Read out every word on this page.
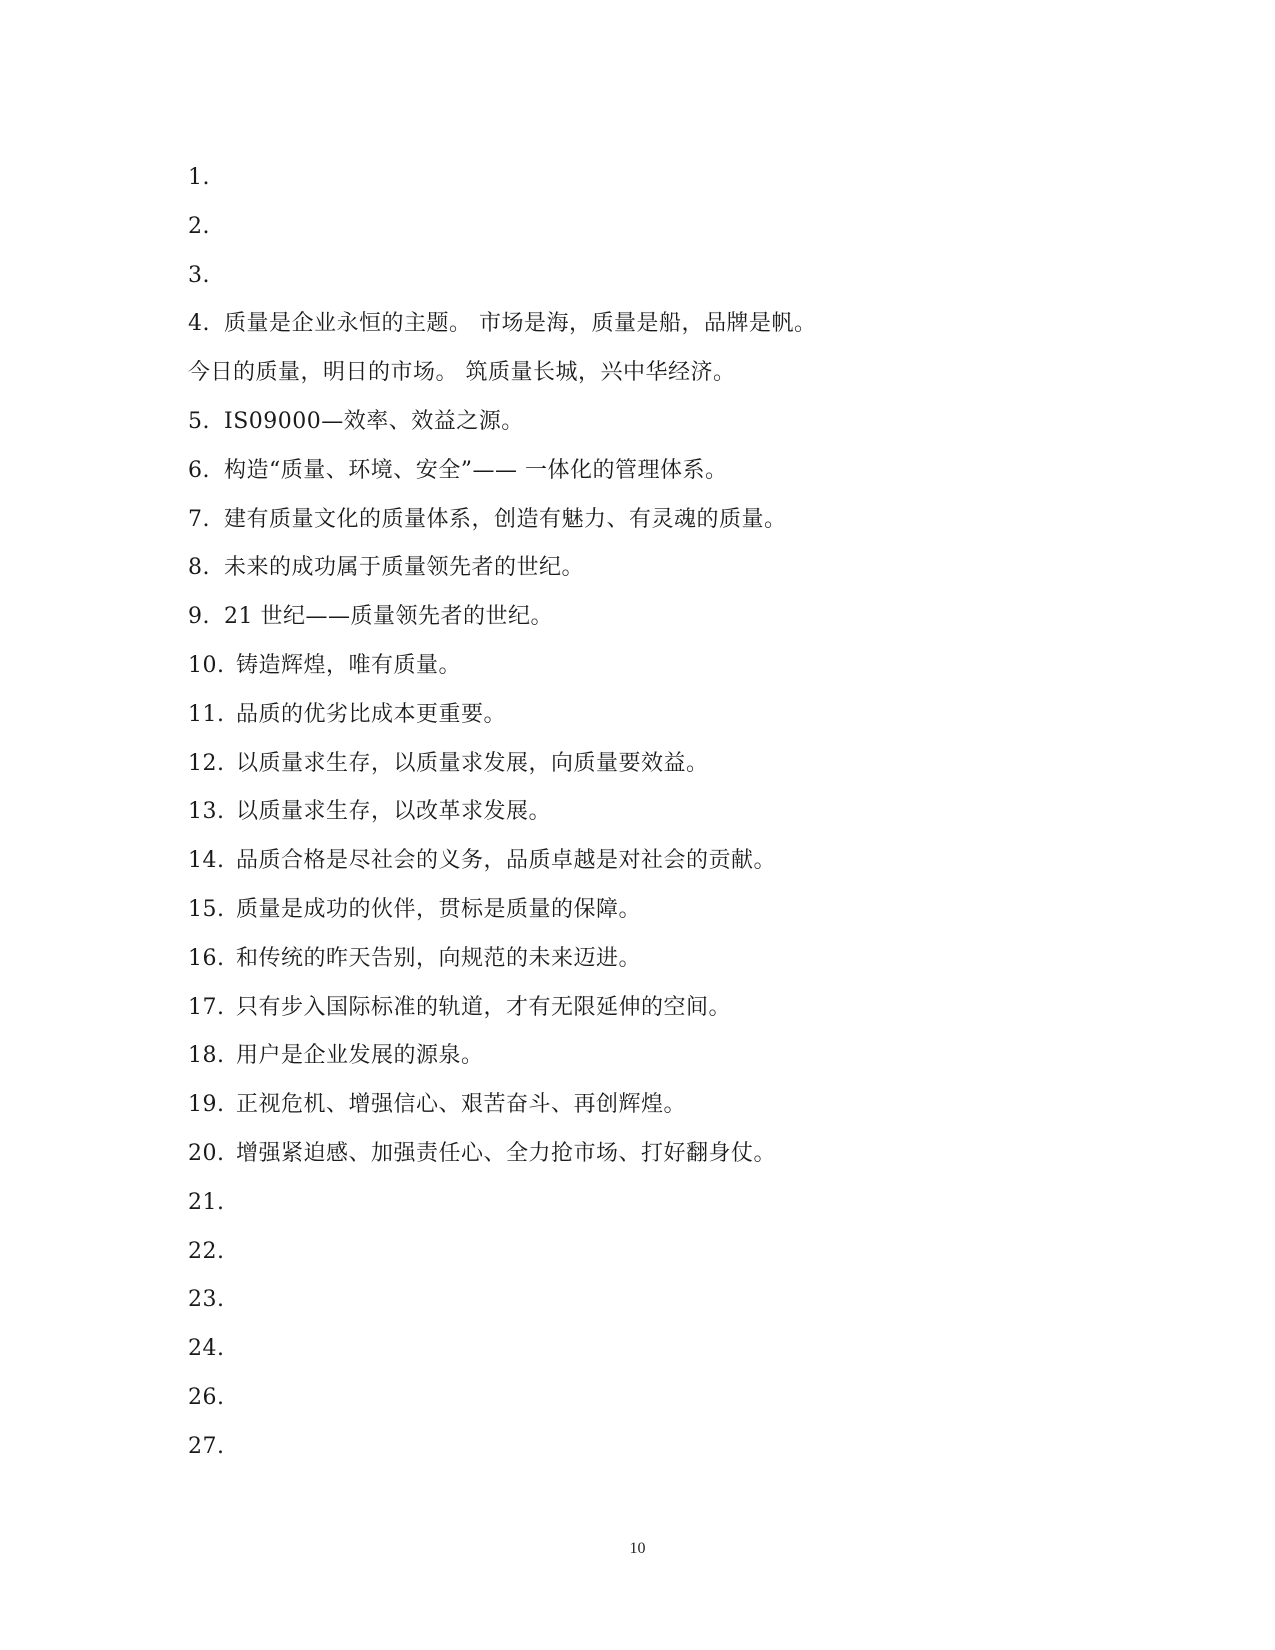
1.
2.
3.
4. 质量是企业永恒的主题。 市场是海，质量是船，品牌是帆。
今日的质量，明日的市场。 筑质量长城，兴中华经济。
5. IS09000—效率、效益之源。
6. 构造“质量、环境、安全”—— 一体化的管理体系。
7. 建有质量文化的质量体系，创造有魅力、有灵魂的质量。
8. 未来的成功属于质量领先者的世纪。
9. 21 世纪——质量领先者的世纪。
10. 铸造辉煌，唯有质量。
11. 品质的优劣比成本更重要。
12. 以质量求生存，以质量求发展，向质量要效益。
13. 以质量求生存，以改革求发展。
14. 品质合格是尽社会的义务，品质卓越是对社会的贡献。
15. 质量是成功的伙伴，贯标是质量的保障。
16. 和传统的昨天告别，向规范的未来迈进。
17. 只有步入国际标准的轨道，才有无限延伸的空间。
18. 用户是企业发展的源泉。
19. 正视危机、增强信心、艰苦奋斗、再创辉煌。
20. 增强紧迫感、加强责任心、全力抢市场、打好翻身仗。
21.
22.
23.
24.
26.
27.
10
